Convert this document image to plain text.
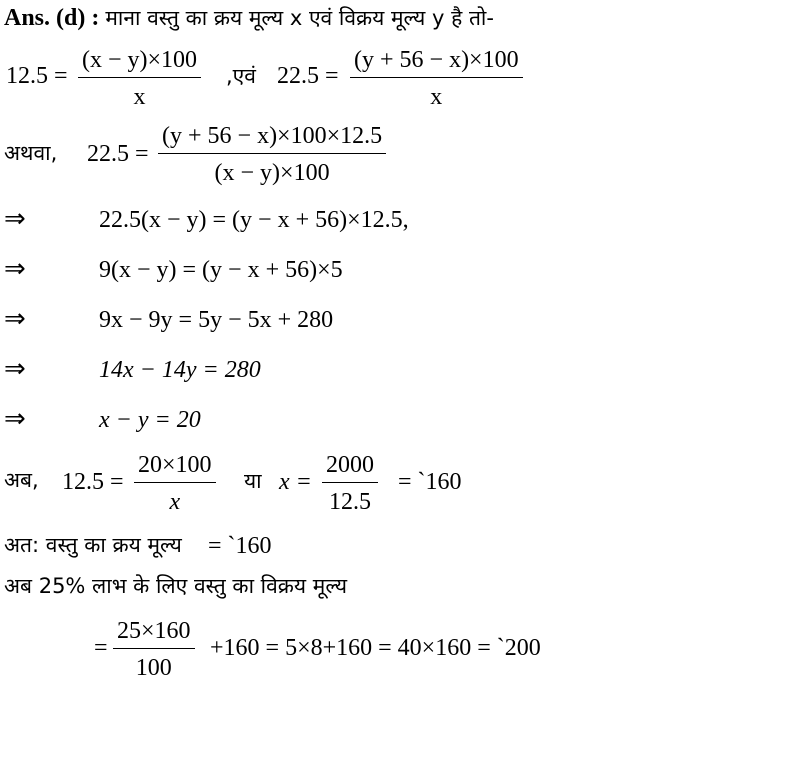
Ans. (d) : माना वस्तु का क्रय मूल्य x एवं विक्रय मूल्य y है तो-
12.5 =
(x − y)×100
x
,एवं 22.5 =
(y + 56 − x)×100
x
अथवा, 22.5 =
(y + 56 − x)×100×12.5
(x − y)×100
⇒	22.5(x − y) = (y − x + 56)×12.5,
⇒	9(x − y) = (y − x + 56)×5
⇒	9x − 9y = 5y − 5x + 280
⇒	14x − 14y = 280
⇒	x − y = 20
अब, 12.5 =
20×100
x
या x =
2000
12.5
= `160
अत: वस्तु का क्रय मूल्य = `160
अब 25% लाभ के लिए वस्तु का विक्रय मूल्य
=
25×160
100
+160 = 5×8+160 = 40×160 = `200
